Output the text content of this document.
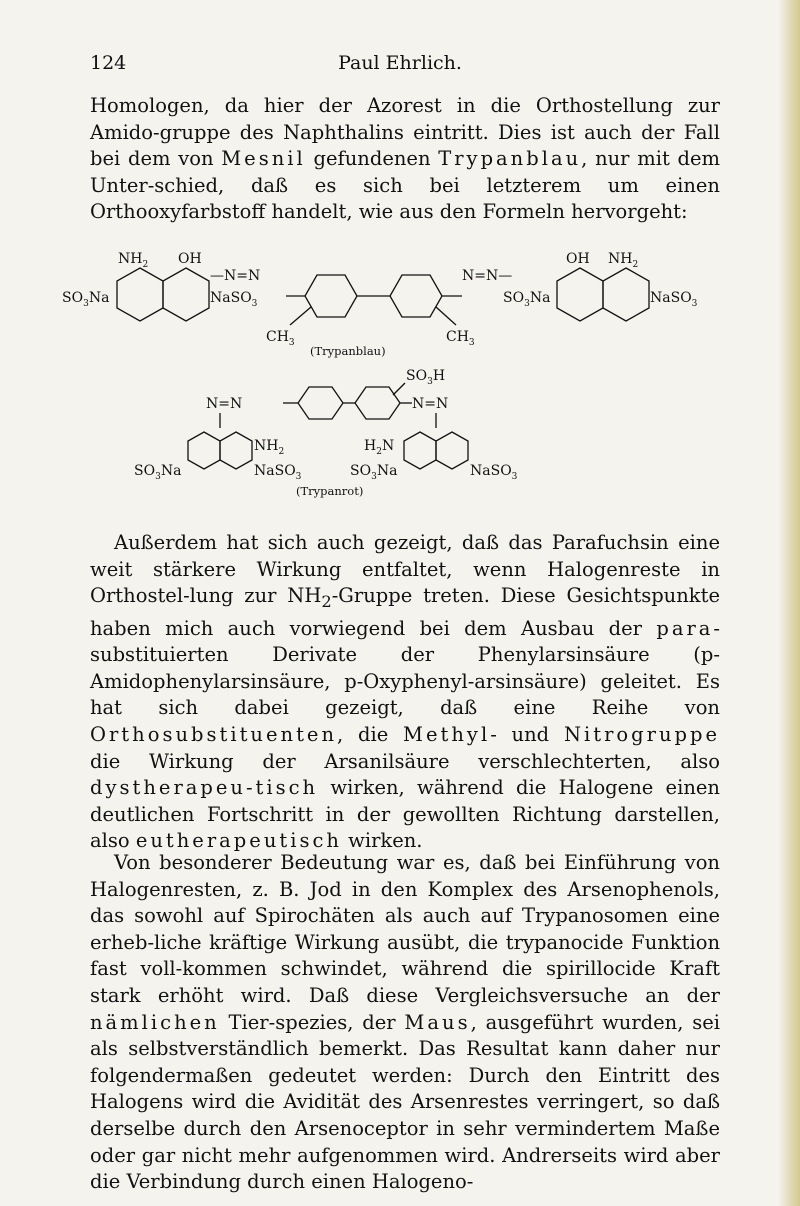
124	Paul Ehrlich.
Homologen, da hier der Azorest in die Orthostellung zur Amido-gruppe des Naphthalins eintritt. Dies ist auch der Fall bei dem von Mesnil gefundenen Trypanblau, nur mit dem Unter-schied, daß es sich bei letzterem um einen Orthooxyfarbstoff handelt, wie aus den Formeln hervorgeht:
$NH_2$ OH
$SO_3Na$	NaSO$_3$
—N=N	N=N—
$CH_3$	$CH_3$
$SO_3Na$	NaSO$_3$
OH $NH_2$
(Trypanblau)
$SO_3H$
N=N	N=N
$NH_2$	$H_2N$
$SO_3Na$	NaSO$_3$	$SO_3Na$	NaSO$_3$
(Trypanrot)
Außerdem hat sich auch gezeigt, daß das Parafuchsin eine weit stärkere Wirkung entfaltet, wenn Halogenreste in Orthostel-lung zur $NH_2$-Gruppe treten. Diese Gesichtspunkte haben mich auch vorwiegend bei dem Ausbau der para-substituierten Derivate der Phenylarsinsäure (p-Amidophenylarsinsäure, p-Oxyphenyl-arsinsäure) geleitet. Es hat sich dabei gezeigt, daß eine Reihe von Orthosubstituenten, die Methyl- und Nitrogruppe die Wirkung der Arsanilsäure verschlechterten, also dystherapeu-tisch wirken, während die Halogene einen deutlichen Fortschritt in der gewollten Richtung darstellen, also eutherapeutisch wirken.
Von besonderer Bedeutung war es, daß bei Einführung von Halogenresten, z. B. Jod in den Komplex des Arsenophenols, das sowohl auf Spirochäten als auch auf Trypanosomen eine erheb-liche kräftige Wirkung ausübt, die trypanocide Funktion fast voll-kommen schwindet, während die spirillocide Kraft stark erhöht wird. Daß diese Vergleichsversuche an der nämlichen Tier-spezies, der Maus, ausgeführt wurden, sei als selbstverständlich bemerkt. Das Resultat kann daher nur folgendermaßen gedeutet werden: Durch den Eintritt des Halogens wird die Avidität des Arsenrestes verringert, so daß derselbe durch den Arsenoceptor in sehr vermindertem Maße oder gar nicht mehr aufgenommen wird. Andrerseits wird aber die Verbindung durch einen Halogeno-
